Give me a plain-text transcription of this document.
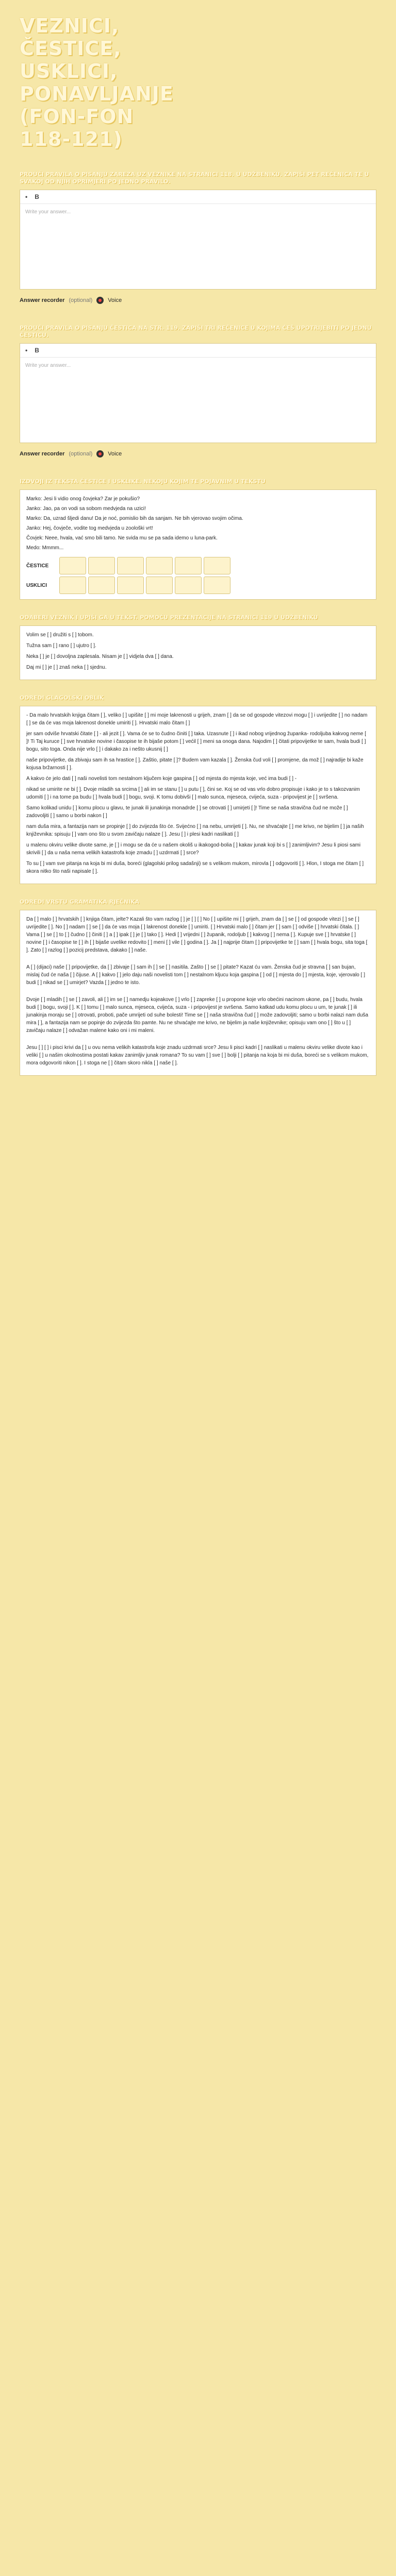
VEZNICI, ČESTICE, USKLICI, PONAVLJANJE (FON-FON 118-121)

PROUČI PRAVILA O PISANJU ZAREZA UZ VEZNIKE NA STRANICI 118. U UDŽBENIKU. ZAPIŠI PET REČENICA TE U SVAKOJ OD NJIH OPRIMJERI PO JEDNO PRAVILO.

• B
Write your answer...
Answer recorder (optional)	Voice

PROUČI PRAVILA O PISANJU ČESTICA NA STR. 119. ZAPIŠI TRI REČENICE U KOJIMA ĆEŠ UPOTRIJEBITI PO JEDNU ČESTICU.

• B
Write your answer...
Answer recorder (optional)	Voice

IZDVOJI IZ TEKSTA ČESTICE I USKLIKE. NEKOJU KOJIM TE POJAVNIM U TEKSTU

Marko: Jesi li vidio onog čovjeka? Zar je pokušio?

Janko: Jao, pa on vodi sa sobom medvjeda na uzici!

Marko: Da, uzrad šljedi danu! Da je noć, pomislio bih da sanjam. Ne bih vjerovao svojim očima.

Janko: Hej, čovječe, vodite tog medvjeda u zoološki vrt!

Čovjek: Neee, hvala, vać smo bili tamo. Ne svida mu se pa sada idemo u luna-park.

Medo: Mmmm...

ČESTICE
USKLICI

ODABERI VEZNIK I UPIŠI GA U TEKST. POMOĆU PREZENTACIJE NA STRANICI 119 U UDŽBENIKU

Volim se [ ] družiti s [ ] tobom.

Tužna sam [ ] rano [ ] ujutro [ ].

Neka [ ] je [ ] dovoljna zaplesala. Nisam je [ ] vidjela dva [ ] dana.

Daj mi [ ] je [ ] znaš neka [ ] sjednu.

ODREDI GLAGOLSKI OBLIK

- Da malo hrvatskih knjiga čitam [ ], veliko [ ] upišite [ ] mi moje lakrenosti u grijeh, znam [ ] da se od gospode vitezovi mogu [ ] i uvrijedite [ ] no nadam [ ] se da će vas moja lakrenost donekle umiriti [ ]. Hrvatski malo čitam [ ]

jer sam odviše hrvatski čitate [ ] - ali jezit [ ]. Vama će se to čudno činiti [ ] taka. Uzasnute [ ] i ikad nobog vrijednog županka- rodoljuba kakvog neme [ ]! Ti Taj kuruce [ ] sve hrvatske novine i časopise te ih bijaše potom [ ] većil [ ] meni sa onoga dana. Najodim [ ] čitati pripovijetke te sam, hvala budi [ ] bogu, sito toga. Onda nije vrlo [ ] i dakako za i nešto ukusnij [ ]

naše pripovijetke, da zbivaju sam ih sa hrastice [ ]. Zaštio, pitate [ ]? Budem vam kazala [ ]. Ženska čud voli [ ] promjene, da mož [ ] najradije bi kaže kojusa bržarnosti [ ].

A kakvo će jelo dati [ ] naši novelisti tom nestalnom ključem koje gaspina [ ] od mjesta do mjesta koje, već ima budi [ ] -

nikad se umirite ne bi [ ]. Dvoje mladih sa srcima [ ] ali im se stanu [ ] u putu [ ], čini se. Koj se od vas vrlo dobro propisuje i kako je to s takozvanim udomiti [ ] i na tome pa budu [ ] hvala budi [ ] bogu, svoji. K tomu dobivši [ ] malo sunca, mjeseca, cvijeća, suza - pripovijest je [ ] svršena.

Samo kolikad unidu [ ] komu plocu u glavu, te junak ili junakinja monadrde [ ] se otrovati [ ] umirjeti [ ]! Time se naša stravična čud ne može [ ] zadovoljiti [ ] samo u borbi nakon [ ]

nam duša mira, a fantazija nam se propinje [ ] do zvijezda što će. Svijećno [ ] na nebu, umrijeti [ ]. Nu, ne shvaćajte [ ] me krivo, ne bijelim [ ] ja naših književnika: spisuju [ ] vam ono što u svom zavičaju nalaze [ ]. Jesu [ ] i plesi kadri naslikati [ ]

u malenu okviru velike divote same, je [ ] i mogu se da će u našem okoliš u ikakogod-bolia [ ] kakav junak koji bi s [ ] zanimljivim? Jesu li piosi sami skrivili [ ] da u naša nema velikih katastrofa koje zmadu [ ] uzdrmati [ ] srce?

To su [ ] vam sve pitanja na koja bi mi duša, boreći (glagolski prilog sadašnji) se s velikom mukom, mirovla [ ] odgovoriti [ ]. Hlon, I stoga me čitam [ ] skora nitko što naši napisale [ ].

ODREDI VRSTU GRAMATIKA RJEČNIKA

Da [ ] malo [ ] hrvatskih [ ] knjiga čitam, jelte? Kazali što vam razlog [ ] je [ ] [ ] No [ ] upišite mi [ ] grijeh, znam da [ ] se [ ] od gospode vitezi [ ] se [ ] uvrijedite [ ]. No [ ] nadam [ ] se [ ] da će vas moja [ ] lakrenost donekle [ ] umiriti. [ ] Hrvatski malo [ ] čitam jer [ ] sam [ ] odviše [ ] hrvatski čitala. [ ] Vama [ ] se [ ] to [ ] čudno [ ] činiti [ ] a [ ] ipak [ ] je [ ] tako [ ]. Hedi [ ] vrijedni [ ] županik, rodoljub [ ] kakvog [ ] nema [ ]. Kupuje sve [ ] hrvatske [ ] novine [ ] i časopise te [ ] ih [ ] bijaše uvelike redovito [ ] meni [ ] vile [ ] godina [ ]. Ja [ ] najprije čitam [ ] pripovijetke te [ ] sam [ ] hvala bogu, sita toga [ ]. Zato [ ] razlog [ ] pozicij predstava, dakako [ ] naše.

A [ ] (dijaci) naše [ ] pripovijetke, da [ ] zbivaje [ ] sam ih [ ] se [ ] nasitila. Zašto [ ] se [ ] pitate? Kazat ću vam. Ženska čud je stravna [ ] san bujan, mislaj čud će naša [ ] čijuse. A [ ] kakvo [ ] jelo daju naši novelisti tom [ ] nestalnom kljucu koja gaspina [ ] od [ ] mjesta do [ ] mjesta, koje, vjerovalo [ ] budi [ ] nikad se [ ] umirjet? Vazda [ ] jedno te isto.

Dvoje [ ] mladih [ ] se [ ] zavoli, ali [ ] im se [ ] namedju kojeakove [ ] vrlo [ ] zapreke [ ] u propone koje vrlo obećini nacinom ukone, pa [ ] budu, hvala budi [ ] bogu, svoji [ ]. K [ ] tomu [ ] malo sunca, mjeseca, cvijeća, suza - i pripovijest je svršena. Samo katkad udu komu plocu u um, te junak [ ] ili junakinja moraju se [ ] otrovati, proboti, pače umrijeti od suhe bolesti! Time se [ ] naša stravična čud [ ] može zadovoljiti; samo u borbi nalazi nam duša mira [ ], a fantazija nam se popinje do zvijezda što pamte. Nu ne shvaćajte me krivo, ne bijelim ja naše književnike; opisuju vam ono [ ] što u [ ] zavičaju nalaze [ ] odvažan malene kako oni i mi maleni.

Jesu [ ] [ ] i pisci krivi da [ ] u ovu nema velikih katastrofa koje znadu uzdrmati srce? Jesu li pisci kadri [ ] naslikati u malenu okviru velike divote kao i veliki [ ] u našim okolnostima postati kakav zanimljiv junak romana? To su vam [ ] sve [ ] bolji [ ] pitanja na koja bi mi duša, boreći se s velikom mukom, mora odgovoriti nikon [ ]. I stoga ne [ ] čitam skoro nikla [ ] naše [ ].
